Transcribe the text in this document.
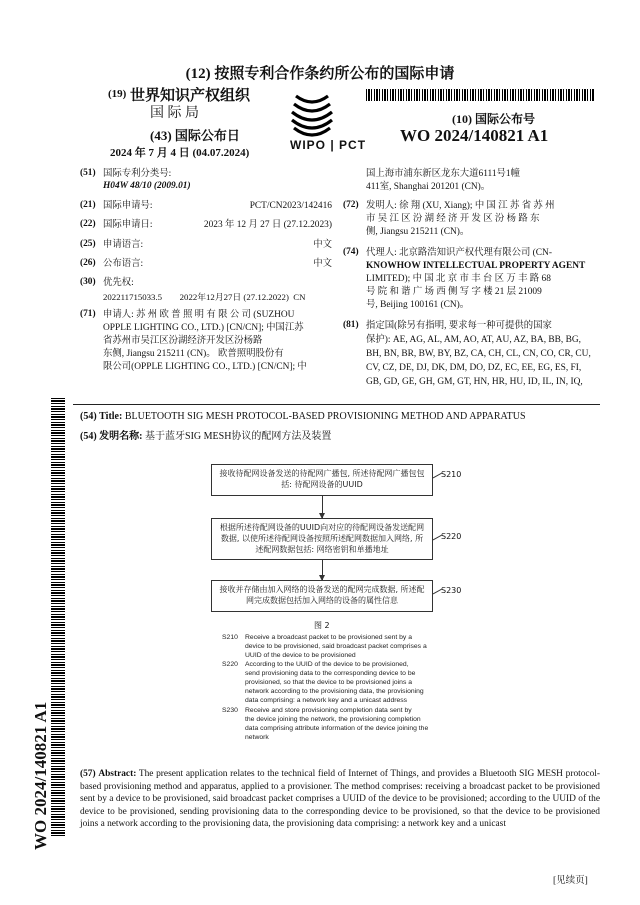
(12) 按照专利合作条约所公布的国际申请
(19) 世界知识产权组织
国 际 局
(43) 国际公布日
2024 年 7 月 4 日 (04.07.2024)
WIPO | PCT
(10) 国际公布号
WO 2024/140821 A1
(51) 国际专利分类号:
H04W 48/10 (2009.01)
(21) 国际申请号:	PCT/CN2023/142416
(22) 国际申请日:	2023 年 12 月 27 日 (27.12.2023)
(25) 申请语言:	中文
(26) 公布语言:	中文
(30) 优先权:
202211715033.5        2022年12月27日 (27.12.2022)  CN
(71) 申请人: 苏 州 欧 普 照 明 有 限 公 司 (SUZHOU
OPPLE LIGHTING CO., LTD.) [CN/CN]; 中国江苏
省苏州市吴江区汾湖经济开发区汾杨路
东侧, Jiangsu 215211 (CN)。 欧普照明股份有
限公司(OPPLE LIGHTING CO., LTD.) [CN/CN]; 中
国上海市浦东新区龙东大道6111号1幢
411室, Shanghai 201201 (CN)。
(72) 发明人: 徐 翔 (XU, Xiang); 中 国 江 苏 省 苏 州
市 吴 江 区 汾 湖 经 济 开 发 区 汾 杨 路 东
侧, Jiangsu 215211 (CN)。
(74) 代理人: 北京路浩知识产权代理有限公司 (CN-
KNOWHOW INTELLECTUAL PROPERTY AGENT
LIMITED); 中 国 北 京 市 丰 台 区 万 丰 路 68
号 院 和 谐 广 场 西 侧 写 字 楼 21 层 21009
号, Beijing 100161 (CN)。
(81) 指定国(除另有指明, 要求每一种可提供的国家
保护): AE, AG, AL, AM, AO, AT, AU, AZ, BA, BB, BG,
BH, BN, BR, BW, BY, BZ, CA, CH, CL, CN, CO, CR, CU,
CV, CZ, DE, DJ, DK, DM, DO, DZ, EC, EE, EG, ES, FI,
GB, GD, GE, GH, GM, GT, HN, HR, HU, ID, IL, IN, IQ,
WO 2024/140821 A1
(54) Title: BLUETOOTH SIG MESH PROTOCOL-BASED PROVISIONING METHOD AND APPARATUS
(54) 发明名称: 基于蓝牙SIG MESH协议的配网方法及装置
接收待配网设备发送的待配网广播包, 所述待配网广播包包括: 待配网设备的UUID
S210
根据所述待配网设备的UUID向对应的待配网设备发送配网数据, 以使所述待配网设备按照所述配网数据加入网络, 所述配网数据包括: 网络密钥和单播地址
S220
接收并存储由加入网络的设备发送的配网完成数据, 所述配网完成数据包括加入网络的设备的属性信息
S230
图 2
S210 Receive a broadcast packet to be provisioned sent by a
device to be provisioned, said broadcast packet comprises a
UUID of the device to be provisioned
S220 According to the UUID of the device to be provisioned,
send provisioning data to the corresponding device to be
provisioned, so that the device to be provisioned joins a
network according to the provisioning data, the provisioning
data comprising: a network key and a unicast address
S230 Receive and store provisioning completion data sent by
the device joining the network, the provisioning completion
data comprising attribute information of the device joining the
network
(57) Abstract: The present application relates to the technical field of Internet of Things, and provides a Bluetooth SIG MESH protocol-based provisioning method and apparatus, applied to a provisioner. The method comprises: receiving a broadcast packet to be provisioned sent by a device to be provisioned, said broadcast packet comprises a UUID of the device to be provisioned; according to the UUID of the device to be provisioned, sending provisioning data to the corresponding device to be provisioned, so that the device to be provisioned joins a network according to the provisioning data, the provisioning data comprising: a network key and a unicast
[见续页]
